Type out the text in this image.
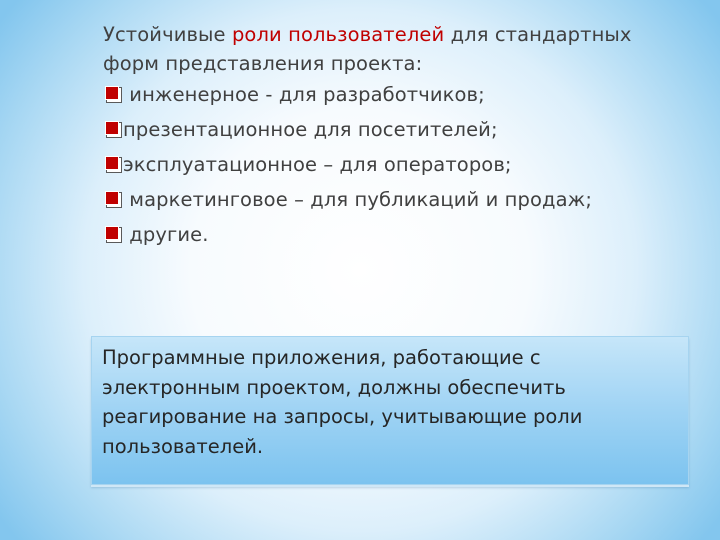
Устойчивые роли пользователей для стандартных форм представления проекта:

инженерное - для разработчиков;
презентационное для посетителей;
эксплуатационное – для операторов;
маркетинговое – для публикаций и продаж;
другие.
Программные приложения, работающие с электронным проектом, должны обеспечить реагирование на запросы, учитывающие роли пользователей.
